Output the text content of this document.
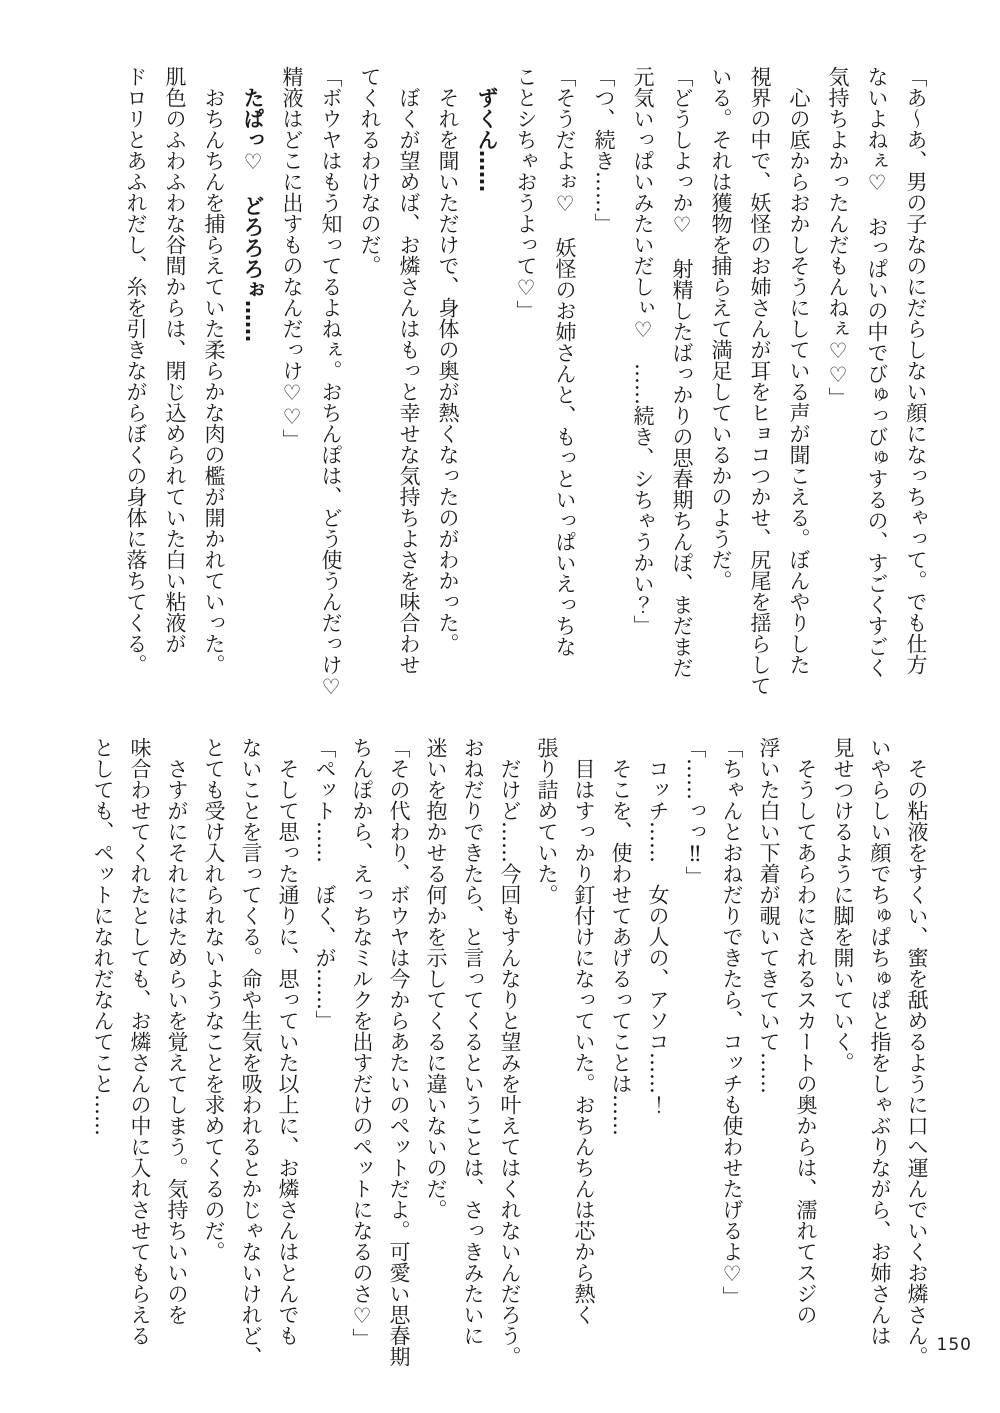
「あ〜あ、男の子なのにだらしない顔になっちゃって。でも仕方
ないよねぇ♡　おっぱいの中でびゅっびゅするの、すごくすごく
気持ちよかったんだもんねぇ♡♡」
心の底からおかしそうにしている声が聞こえる。ぼんやりした
視界の中で、妖怪のお姉さんが耳をヒョコつかせ、尻尾を揺らして
いる。それは獲物を捕らえて満足しているかのようだ。
「どうしよっか♡　射精したばっかりの思春期ちんぽ、まだまだ
元気いっぱいみたいだしぃ♡　……続き、シちゃうかい？」
「つ、続き……」
「そうだよぉ♡　妖怪のお姉さんと、もっといっぱいえっちな
ことシちゃおうよって♡」
ずくん……
それを聞いただけで、身体の奥が熱くなったのがわかった。
ぼくが望めば、お燐さんはもっと幸せな気持ちよさを味合わせ
てくれるわけなのだ。
「ボウヤはもう知ってるよねぇ。おちんぽは、どう使うんだっけ♡
精液はどこに出すものなんだっけ♡♡」
たぱっ♡　どろろろぉ……
おちんちんを捕らえていた柔らかな肉の檻が開かれていった。
肌色のふわふわな谷間からは、閉じ込められていた白い粘液が
ドロリとあふれだし、糸を引きながらぼくの身体に落ちてくる。
その粘液をすくい、蜜を舐めるように口へ運んでいくお燐さん。
いやらしい顔でちゅぱちゅぱと指をしゃぶりながら、お姉さんは
見せつけるように脚を開いていく。
そうしてあらわにされるスカートの奥からは、濡れてスジの
浮いた白い下着が覗いてきていて……
「ちゃんとおねだりできたら、コッチも使わせたげるよ♡」
「……っっ‼」
コッチ……　女の人の、アソコ……！
そこを、使わせてあげるってことは……
目はすっかり釘付けになっていた。おちんちんは芯から熱く
張り詰めていた。
だけど……今回もすんなりと望みを叶えてはくれないんだろう。
おねだりできたら、と言ってくるということは、さっきみたいに
迷いを抱かせる何かを示してくるに違いないのだ。
「その代わり、ボウヤは今からあたいのペットだよ。可愛い思春期
ちんぽから、えっちなミルクを出すだけのペットになるのさ♡」
「ペット……　ぼく、が……」
そして思った通りに、思っていた以上に、お燐さんはとんでも
ないことを言ってくる。命や生気を吸われるとかじゃないけれど、
とても受け入れられないようなことを求めてくるのだ。
さすがにそれにはためらいを覚えてしまう。気持ちいいのを
味合わせてくれたとしても、お燐さんの中に入れさせてもらえる
としても、ペットになれだなんてこと……
150
